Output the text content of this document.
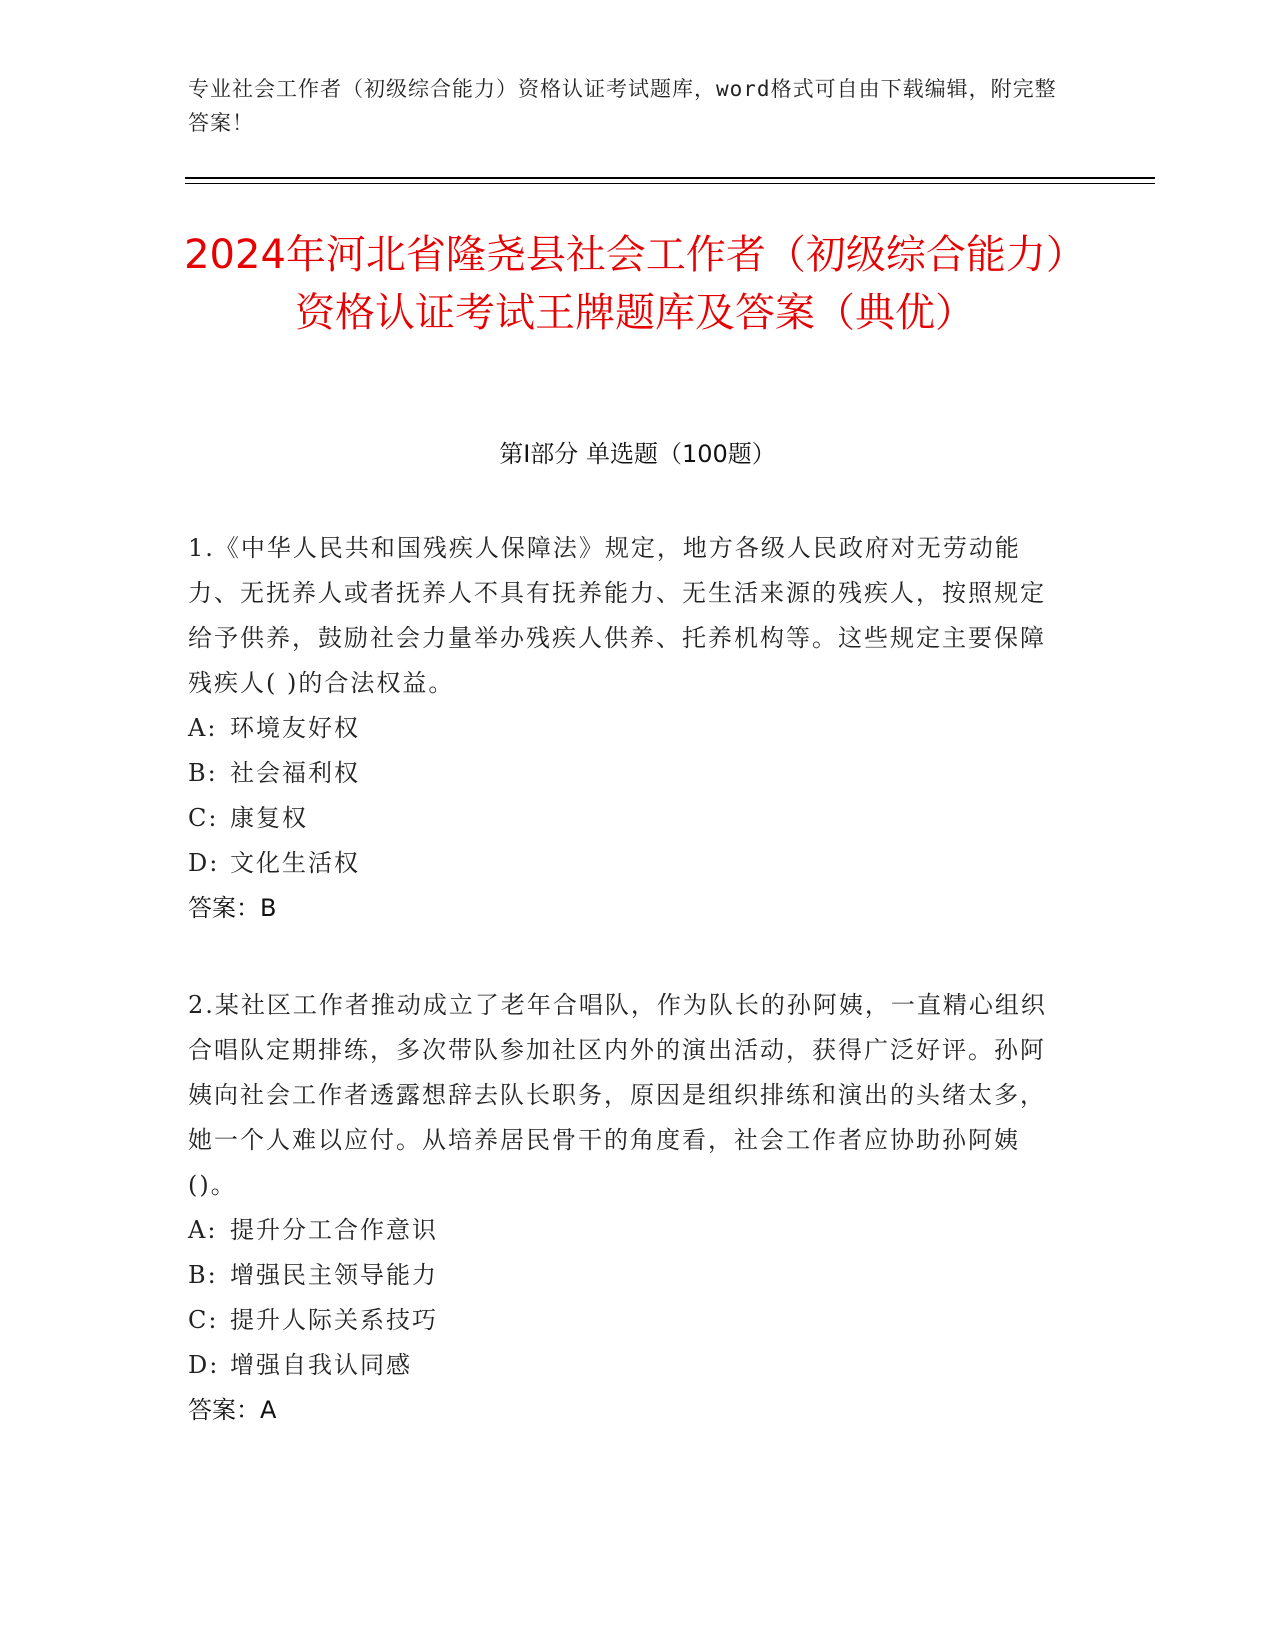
专业社会工作者（初级综合能力）资格认证考试题库，word格式可自由下载编辑，附完整答案！
2024年河北省隆尧县社会工作者（初级综合能力）资格认证考试王牌题库及答案（典优）
第Ⅰ部分 单选题（100题）

1.《中华人民共和国残疾人保障法》规定，地方各级人民政府对无劳动能力、无抚养人或者抚养人不具有抚养能力、无生活来源的残疾人，按照规定给予供养，鼓励社会力量举办残疾人供养、托养机构等。这些规定主要保障残疾人( )的合法权益。

A: 环境友好权

B: 社会福利权

C: 康复权

D: 文化生活权

答案：B

2.某社区工作者推动成立了老年合唱队，作为队长的孙阿姨，一直精心组织合唱队定期排练，多次带队参加社区内外的演出活动，获得广泛好评。孙阿姨向社会工作者透露想辞去队长职务，原因是组织排练和演出的头绪太多，她一个人难以应付。从培养居民骨干的角度看，社会工作者应协助孙阿姨()。

A: 提升分工合作意识

B: 增强民主领导能力

C: 提升人际关系技巧

D: 增强自我认同感

答案：A
